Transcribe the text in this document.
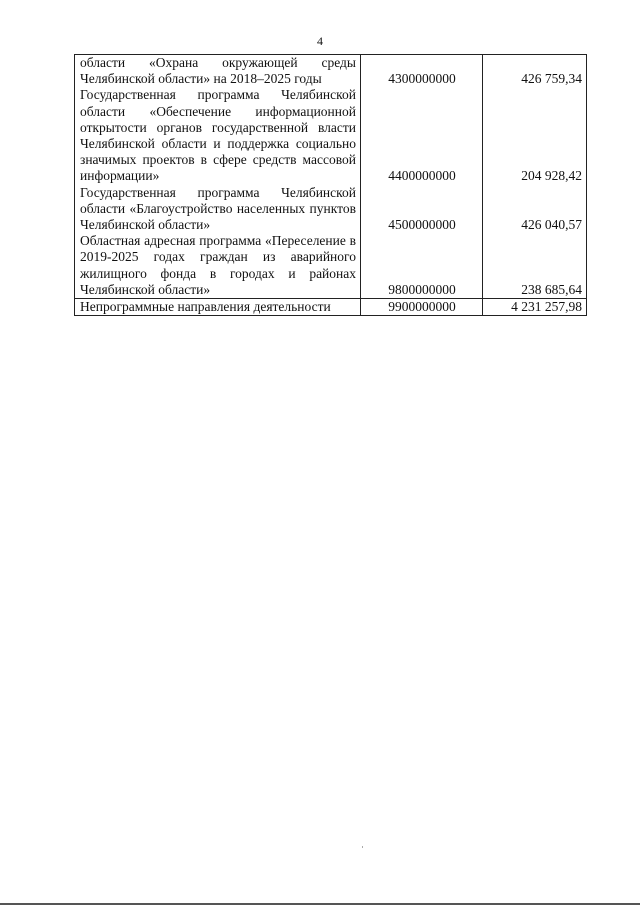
4
области «Охрана окружающей среды Челябинской области» на 2018–2025 годы	4300000000	426 759,34
Государственная программа Челябинской области «Обеспечение информационной открытости органов государственной власти Челябинской области и поддержка социально значимых проектов в сфере средств массовой информации»	4400000000	204 928,42
Государственная программа Челябинской области «Благоустройство населенных пунктов Челябинской области»	4500000000	426 040,57
Областная адресная программа «Переселение в 2019-2025 годах граждан из аварийного жилищного фонда в городах и районах Челябинской области»	9800000000	238 685,64
Непрограммные направления деятельности	9900000000	4 231 257,98
